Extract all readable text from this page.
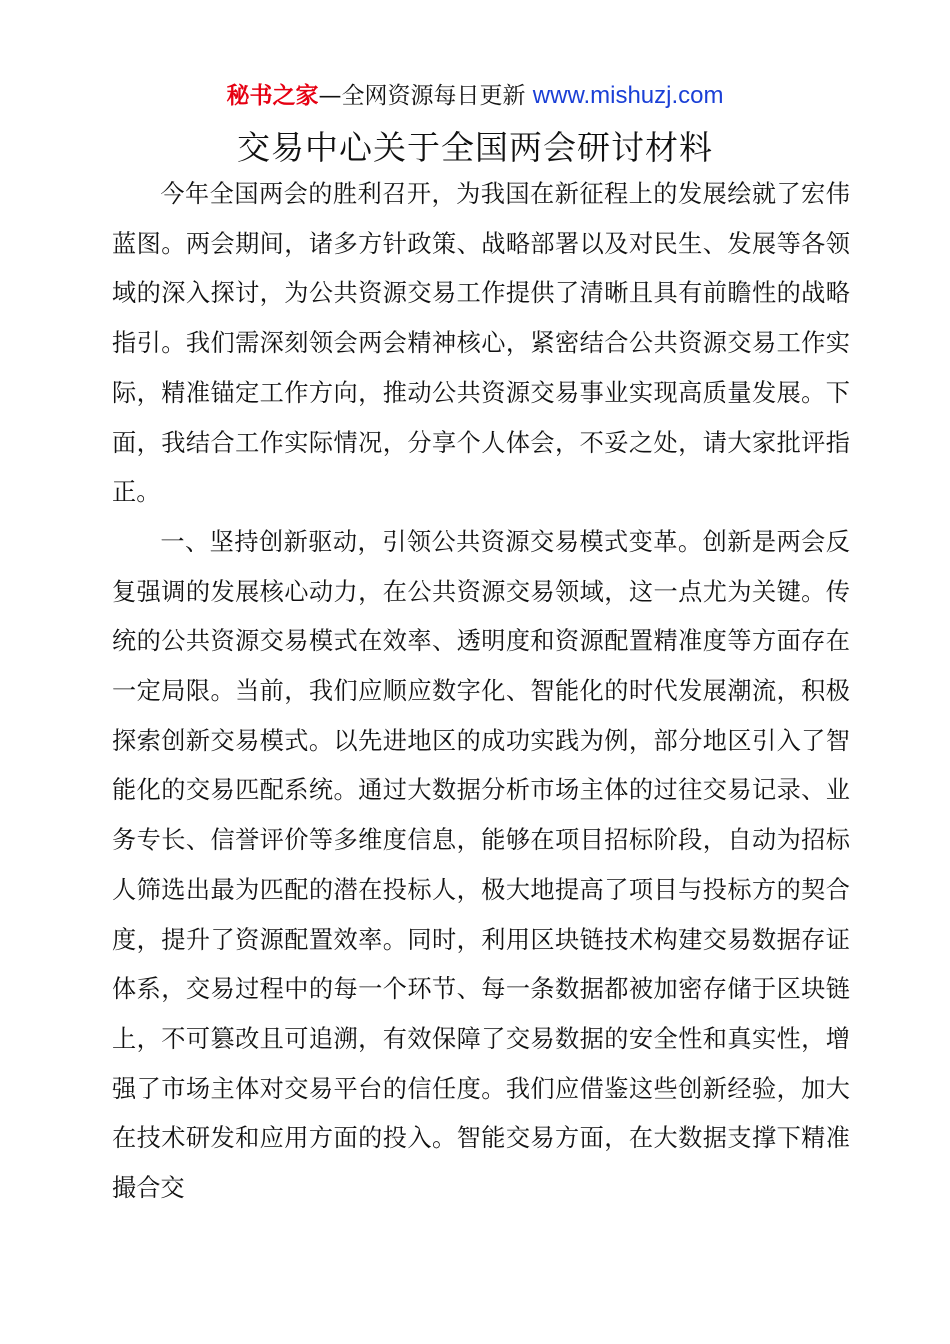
秘书之家—全网资源每日更新 www.mishuzj.com
交易中心关于全国两会研讨材料

今年全国两会的胜利召开，为我国在新征程上的发展绘就了宏伟蓝图。两会期间，诸多方针政策、战略部署以及对民生、发展等各领域的深入探讨，为公共资源交易工作提供了清晰且具有前瞻性的战略指引。我们需深刻领会两会精神核心，紧密结合公共资源交易工作实际，精准锚定工作方向，推动公共资源交易事业实现高质量发展。下面，我结合工作实际情况，分享个人体会，不妥之处，请大家批评指正。

一、坚持创新驱动，引领公共资源交易模式变革。创新是两会反复强调的发展核心动力，在公共资源交易领域，这一点尤为关键。传统的公共资源交易模式在效率、透明度和资源配置精准度等方面存在一定局限。当前，我们应顺应数字化、智能化的时代发展潮流，积极探索创新交易模式。以先进地区的成功实践为例，部分地区引入了智能化的交易匹配系统。通过大数据分析市场主体的过往交易记录、业务专长、信誉评价等多维度信息，能够在项目招标阶段，自动为招标人筛选出最为匹配的潜在投标人，极大地提高了项目与投标方的契合度，提升了资源配置效率。同时，利用区块链技术构建交易数据存证体系，交易过程中的每一个环节、每一条数据都被加密存储于区块链上，不可篡改且可追溯，有效保障了交易数据的安全性和真实性，增强了市场主体对交易平台的信任度。我们应借鉴这些创新经验，加大在技术研发和应用方面的投入。智能交易方面，在大数据支撑下精准撮合交
